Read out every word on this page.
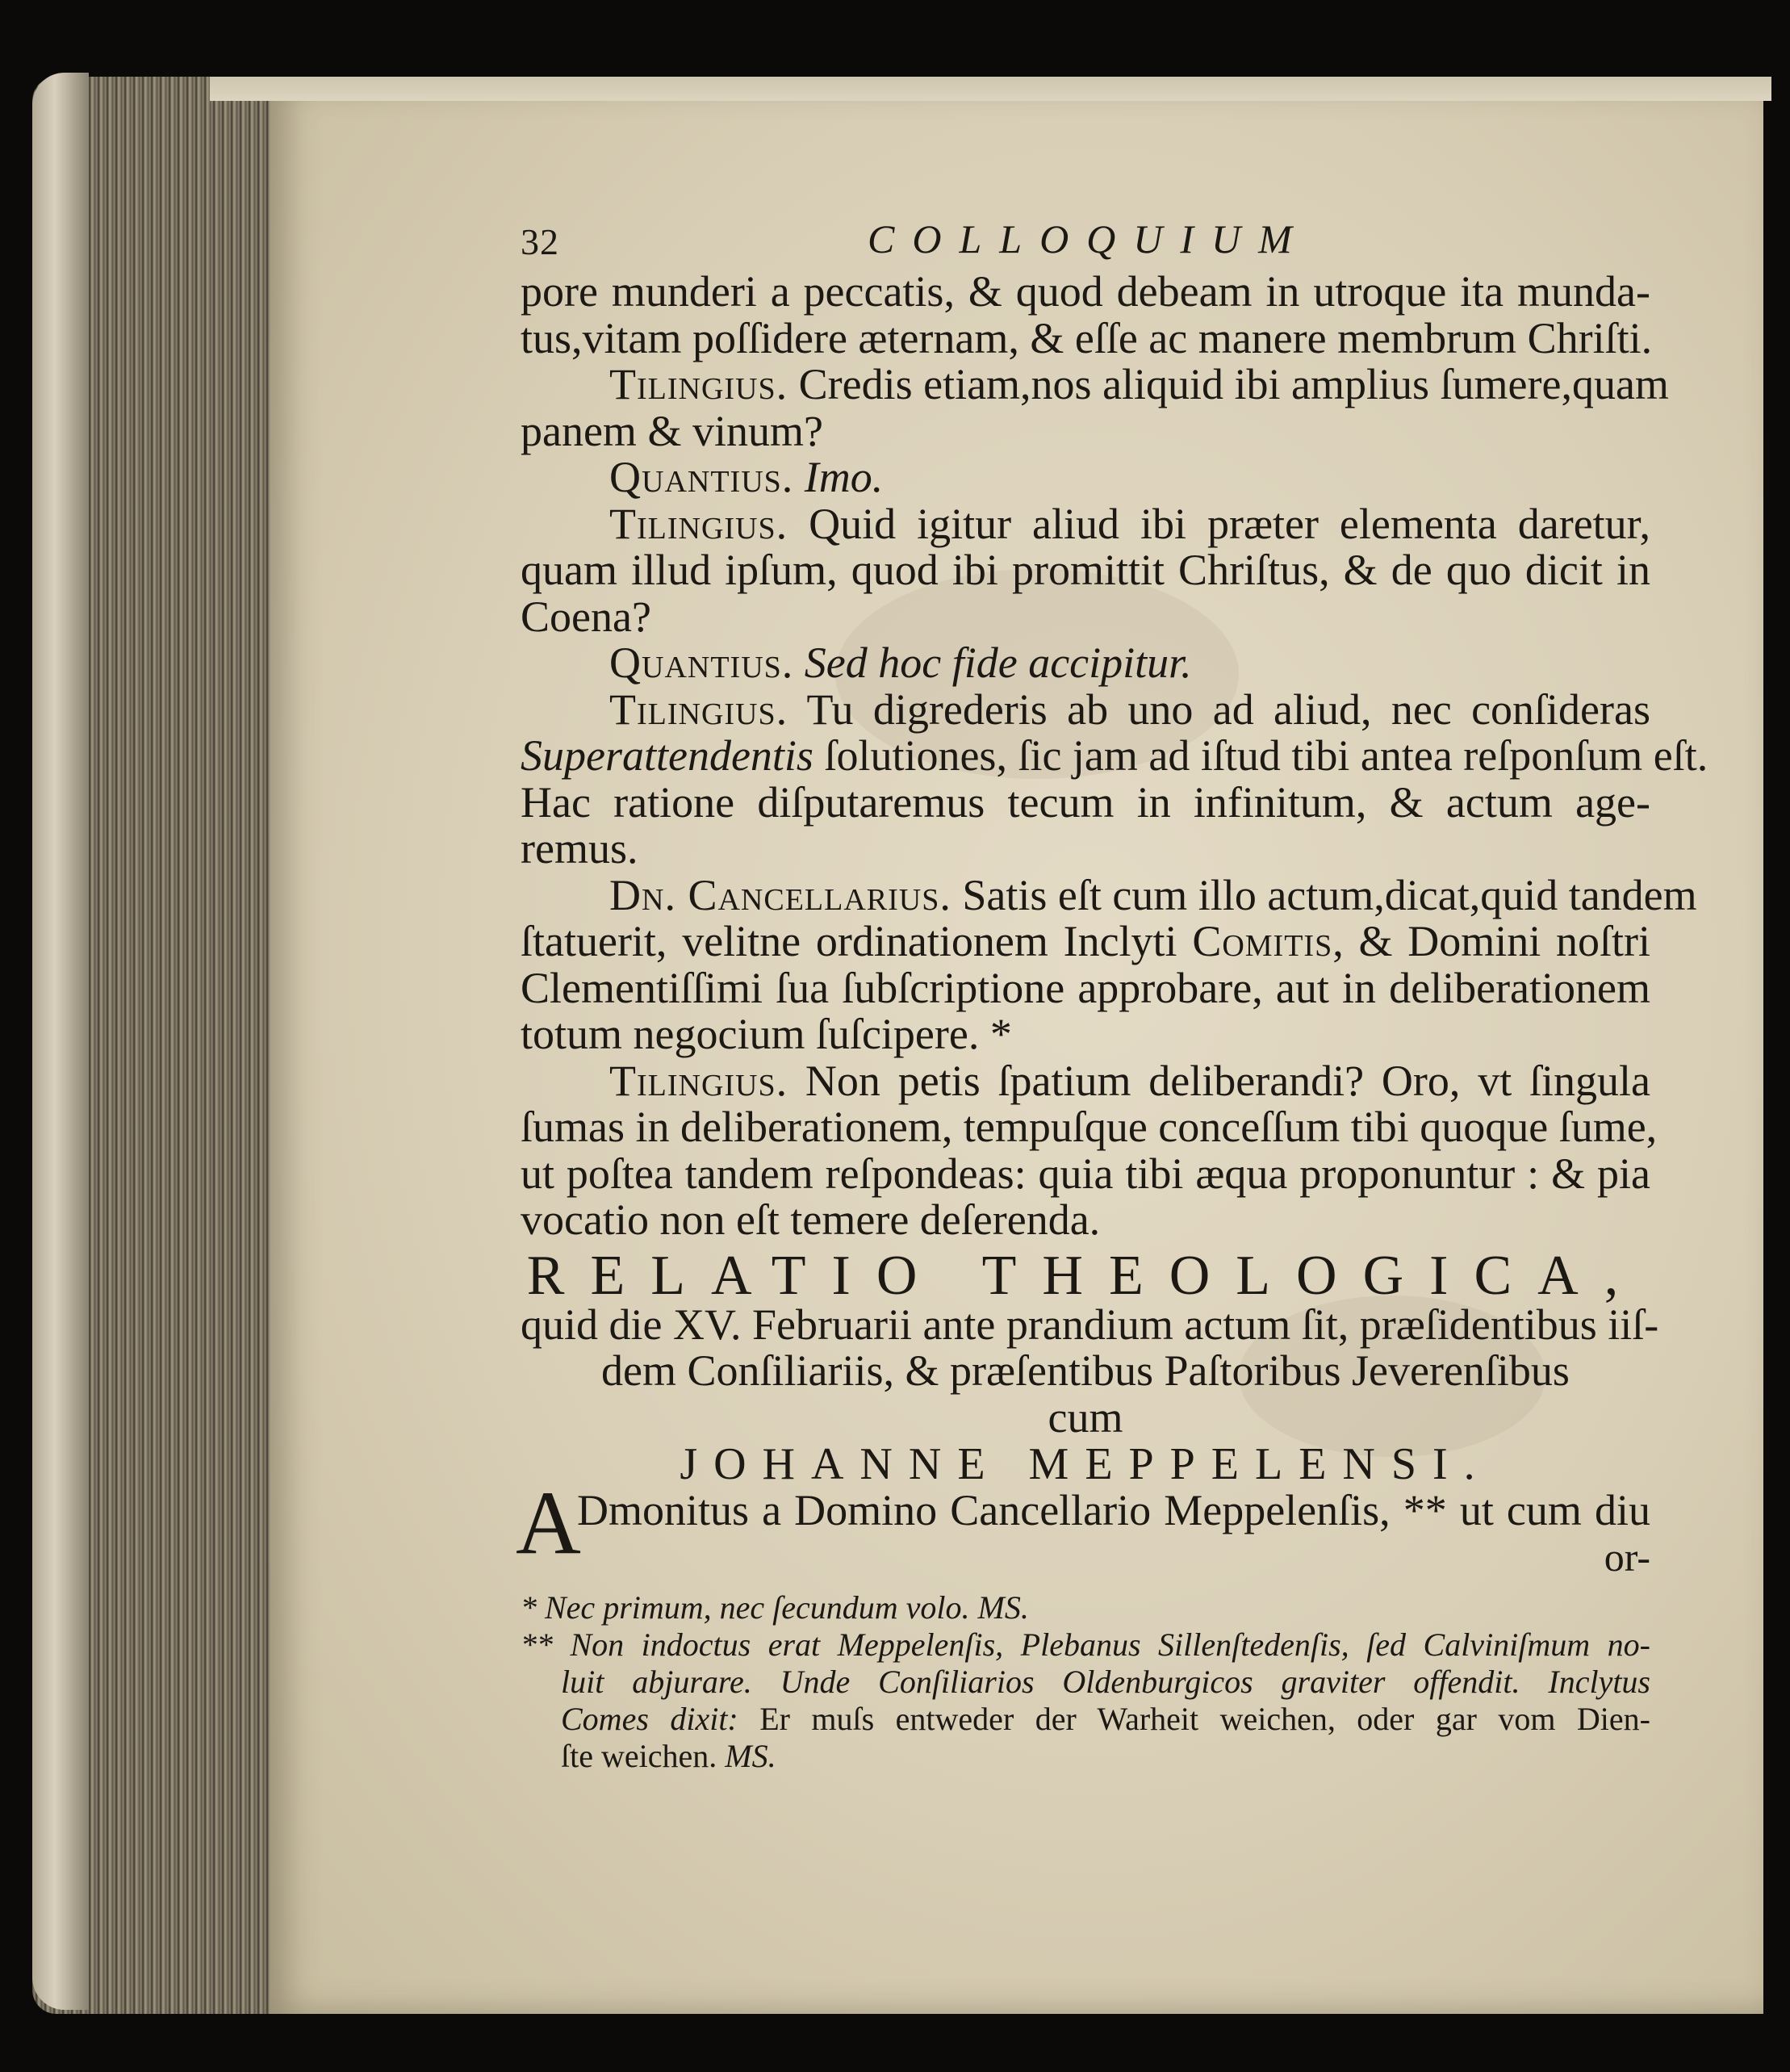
32	COLLOQUIUM
pore munderi a peccatis, & quod debeam in utroque ita munda-
tus,vitam poſſidere æternam, & eſſe ac manere membrum Chriſti.
Tilingius. Credis etiam,nos aliquid ibi amplius ſumere,quam
panem & vinum?
Quantius. Imo.
Tilingius. Quid igitur aliud ibi præter elementa daretur,
quam illud ipſum, quod ibi promittit Chriſtus, & de quo dicit in
Coena?
Quantius. Sed hoc fide accipitur.
Tilingius. Tu digrederis ab uno ad aliud, nec conſideras
Superattendentis ſolutiones, ſic jam ad iſtud tibi antea reſponſum eſt.
Hac ratione diſputaremus tecum in infinitum, & actum age-
remus.
Dn. Cancellarius. Satis eſt cum illo actum,dicat,quid tandem
ſtatuerit, velitne ordinationem Inclyti Comitis, & Domini noſtri
Clementiſſimi ſua ſubſcriptione approbare, aut in deliberationem
totum negocium ſuſcipere. *
Tilingius. Non petis ſpatium deliberandi? Oro, vt ſingula
ſumas in deliberationem, tempuſque conceſſum tibi quoque ſume,
ut poſtea tandem reſpondeas: quia tibi æqua proponuntur : & pia
vocatio non eſt temere deſerenda.
RELATIO THEOLOGICA,
quid die XV. Februarii ante prandium actum ſit, præſidentibus iiſ-
dem Conſiliariis, & præſentibus Paſtoribus Jeverenſibus
cum
JOHANNE MEPPELENSI.
A
Dmonitus a Domino Cancellario Meppelenſis, ** ut cum diu
or-
* Nec primum, nec ſecundum volo. MS.
** Non indoctus erat Meppelenſis, Plebanus Sillenſtedenſis, ſed Calviniſmum no-
luit abjurare. Unde Conſiliarios Oldenburgicos graviter offendit. Inclytus
Comes dixit: Er muſs entweder der Warheit weichen, oder gar vom Dien-
ſte weichen. MS.
